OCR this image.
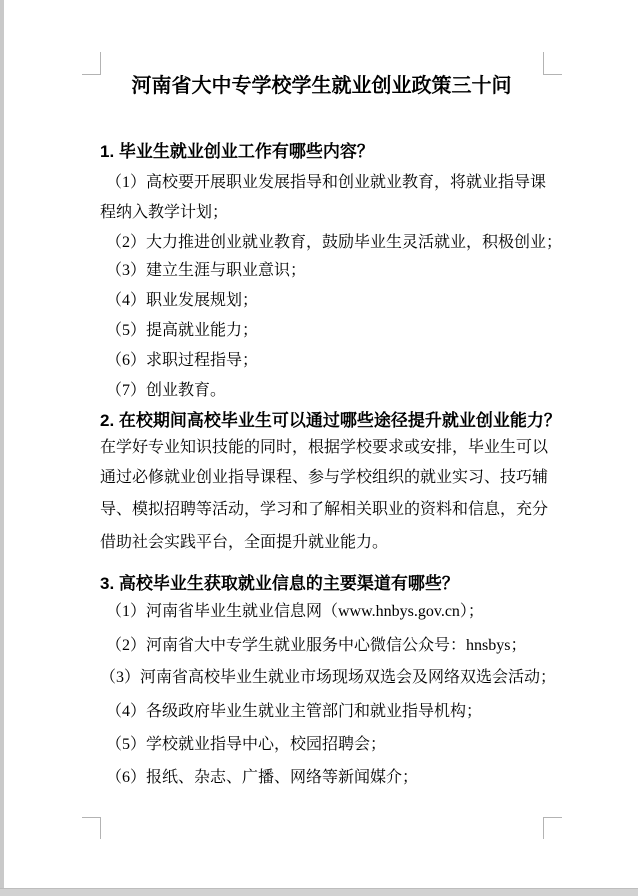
河南省大中专学校学生就业创业政策三十问
1. 毕业生就业创业工作有哪些内容？
（1）高校要开展职业发展指导和创业就业教育，将就业指导课
程纳入教学计划；
（2）大力推进创业就业教育，鼓励毕业生灵活就业，积极创业；
（3）建立生涯与职业意识；
（4）职业发展规划；
（5）提高就业能力；
（6）求职过程指导；
（7）创业教育。
2. 在校期间高校毕业生可以通过哪些途径提升就业创业能力？
在学好专业知识技能的同时，根据学校要求或安排，毕业生可以
通过必修就业创业指导课程、参与学校组织的就业实习、技巧辅
导、模拟招聘等活动，学习和了解相关职业的资料和信息，充分
借助社会实践平台，全面提升就业能力。
3. 高校毕业生获取就业信息的主要渠道有哪些？
（1）河南省毕业生就业信息网（www.hnbys.gov.cn）；
（2）河南省大中专学生就业服务中心微信公众号：hnsbys；
（3）河南省高校毕业生就业市场现场双选会及网络双选会活动；
（4）各级政府毕业生就业主管部门和就业指导机构；
（5）学校就业指导中心，校园招聘会；
（6）报纸、杂志、广播、网络等新闻媒介；
